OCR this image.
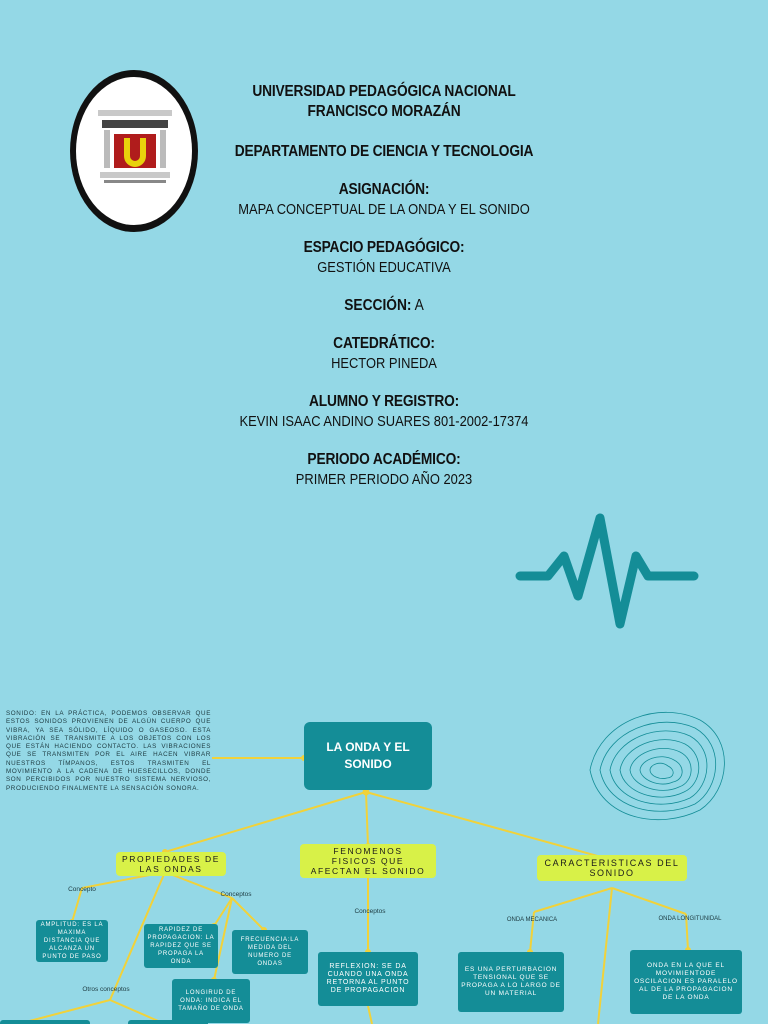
UNIVERSIDAD PEDAGÓGICA NACIONAL
FRANCISCO MORAZÁN
DEPARTAMENTO DE CIENCIA Y TECNOLOGIA
ASIGNACIÓN:
MAPA CONCEPTUAL DE LA ONDA Y EL SONIDO
ESPACIO PEDAGÓGICO:
GESTIÓN EDUCATIVA
SECCIÓN: A
CATEDRÁTICO:
HECTOR PINEDA
ALUMNO Y REGISTRO:
KEVIN ISAAC ANDINO SUARES 801-2002-17374
PERIODO ACADÉMICO:
PRIMER PERIODO AÑO 2023
SONIDO: EN LA PRÁCTICA, PODEMOS OBSERVAR QUE ESTOS SONIDOS PROVIENEN DE ALGÚN CUERPO QUE VIBRA, YA SEA SÓLIDO, LÍQUIDO O GASEOSO. ESTA VIBRACIÓN SE TRANSMITE A LOS OBJETOS CON LOS QUE ESTÁN HACIENDO CONTACTO. LAS VIBRACIONES QUE SE TRANSMITEN POR EL AIRE HACEN VIBRAR NUESTROS TÍMPANOS, ESTOS TRASMITEN EL MOVIMIENTO A LA CADENA DE HUESECILLOS, DONDE SON PERCIBIDOS POR NUESTRO SISTEMA NERVIOSO, PRODUCIENDO FINALMENTE LA SENSACIÓN SONORA.
LA ONDA Y EL
SONIDO
PROPIEDADES DE
LAS ONDAS
FENOMENOS
FISICOS QUE
AFECTAN EL SONIDO
CARACTERISTICAS DEL
SONIDO
Concepto
Conceptos
Conceptos
Otros conceptos
ONDA MECANICA	ONDA LONGITUNIDAL
AMPLITUD: ES LA MAXIMA DISTANCIA QUE ALCANZA UN PUNTO DE PASO
RAPIDEZ DE PROPAGACION: LA RAPIDEZ QUE SE PROPAGA LA ONDA
FRECUENCIA:LA MEDIDA DEL NUMERO DE ONDAS
LONGIRUD DE ONDA: INDICA EL TAMAÑO DE ONDA
REFLEXION: SE DA CUANDO UNA ONDA RETORNA AL PUNTO DE PROPAGACION
ES UNA PERTURBACION TENSIONAL QUE SE PROPAGA A LO LARGO DE UN MATERIAL
ONDA EN LA QUE EL MOVIMIENTODE OSCILACION ES PARALELO AL DE LA PROPAGACION DE LA ONDA
